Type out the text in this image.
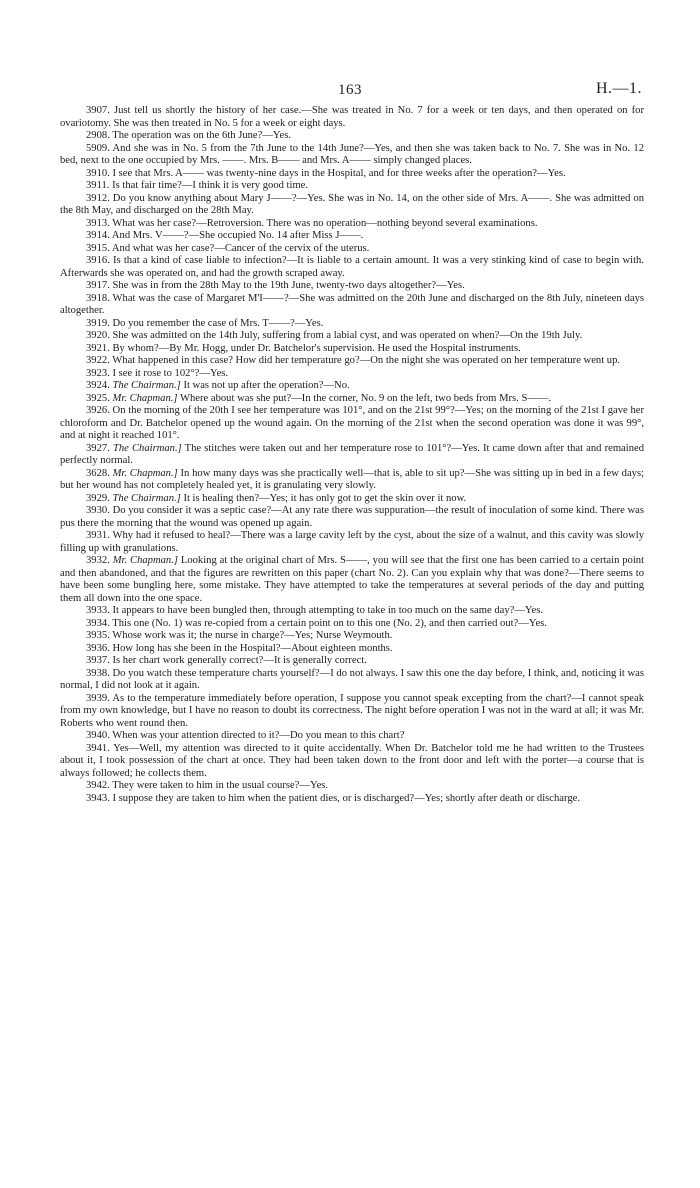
163	H.—1.

3907. Just tell us shortly the history of her case.—She was treated in No. 7 for a week or ten days, and then operated on for ovariotomy. She was then treated in No. 5 for a week or eight days.

2908. The operation was on the 6th June?—Yes.

5909. And she was in No. 5 from the 7th June to the 14th June?—Yes, and then she was taken back to No. 7. She was in No. 12 bed, next to the one occupied by Mrs. ——. Mrs. B—— and Mrs. A—— simply changed places.

3910. I see that Mrs. A—— was twenty-nine days in the Hospital, and for three weeks after the operation?—Yes.

3911. Is that fair time?—I think it is very good time.

3912. Do you know anything about Mary J——?—Yes. She was in No. 14, on the other side of Mrs. A——. She was admitted on the 8th May, and discharged on the 28th May.

3913. What was her case?—Retroversion. There was no operation—nothing beyond several examinations.

3914. And Mrs. V——?—She occupied No. 14 after Miss J——.

3915. And what was her case?—Cancer of the cervix of the uterus.

3916. Is that a kind of case liable to infection?—It is liable to a certain amount. It was a very stinking kind of case to begin with. Afterwards she was operated on, and had the growth scraped away.

3917. She was in from the 28th May to the 19th June, twenty-two days altogether?—Yes.

3918. What was the case of Margaret M'I——?—She was admitted on the 20th June and discharged on the 8th July, nineteen days altogether.

3919. Do you remember the case of Mrs. T——?—Yes.

3920. She was admitted on the 14th July, suffering from a labial cyst, and was operated on when?—On the 19th July.

3921. By whom?—By Mr. Hogg, under Dr. Batchelor's supervision. He used the Hospital instruments.

3922. What happened in this case? How did her temperature go?—On the night she was operated on her temperature went up.

3923. I see it rose to 102°?—Yes.

3924. The Chairman.] It was not up after the operation?—No.

3925. Mr. Chapman.] Where about was she put?—In the corner, No. 9 on the left, two beds from Mrs. S——.

3926. On the morning of the 20th I see her temperature was 101°, and on the 21st 99°?—Yes; on the morning of the 21st I gave her chloroform and Dr. Batchelor opened up the wound again. On the morning of the 21st when the second operation was done it was 99°, and at night it reached 101°.

3927. The Chairman.] The stitches were taken out and her temperature rose to 101°?—Yes. It came down after that and remained perfectly normal.

3628. Mr. Chapman.] In how many days was she practically well—that is, able to sit up?—She was sitting up in bed in a few days; but her wound has not completely healed yet, it is granulating very slowly.

3929. The Chairman.] It is healing then?—Yes; it has only got to get the skin over it now.

3930. Do you consider it was a septic case?—At any rate there was suppuration—the result of inoculation of some kind. There was pus there the morning that the wound was opened up again.

3931. Why had it refused to heal?—There was a large cavity left by the cyst, about the size of a walnut, and this cavity was slowly filling up with granulations.

3932. Mr. Chapman.] Looking at the original chart of Mrs. S——, you will see that the first one has been carried to a certain point and then abandoned, and that the figures are rewritten on this paper (chart No. 2). Can you explain why that was done?—There seems to have been some bungling here, some mistake. They have attempted to take the temperatures at several periods of the day and putting them all down into the one space.

3933. It appears to have been bungled then, through attempting to take in too much on the same day?—Yes.

3934. This one (No. 1) was re-copied from a certain point on to this one (No. 2), and then carried out?—Yes.

3935. Whose work was it; the nurse in charge?—Yes; Nurse Weymouth.

3936. How long has she been in the Hospital?—About eighteen months.

3937. Is her chart work generally correct?—It is generally correct.

3938. Do you watch these temperature charts yourself?—I do not always. I saw this one the day before, I think, and, noticing it was normal, I did not look at it again.

3939. As to the temperature immediately before operation, I suppose you cannot speak excepting from the chart?—I cannot speak from my own knowledge, but I have no reason to doubt its correctness. The night before operation I was not in the ward at all; it was Mr. Roberts who went round then.

3940. When was your attention directed to it?—Do you mean to this chart?

3941. Yes—Well, my attention was directed to it quite accidentally. When Dr. Batchelor told me he had written to the Trustees about it, I took possession of the chart at once. They had been taken down to the front door and left with the porter—a course that is always followed; he collects them.

3942. They were taken to him in the usual course?—Yes.

3943. I suppose they are taken to him when the patient dies, or is discharged?—Yes; shortly after death or discharge.
